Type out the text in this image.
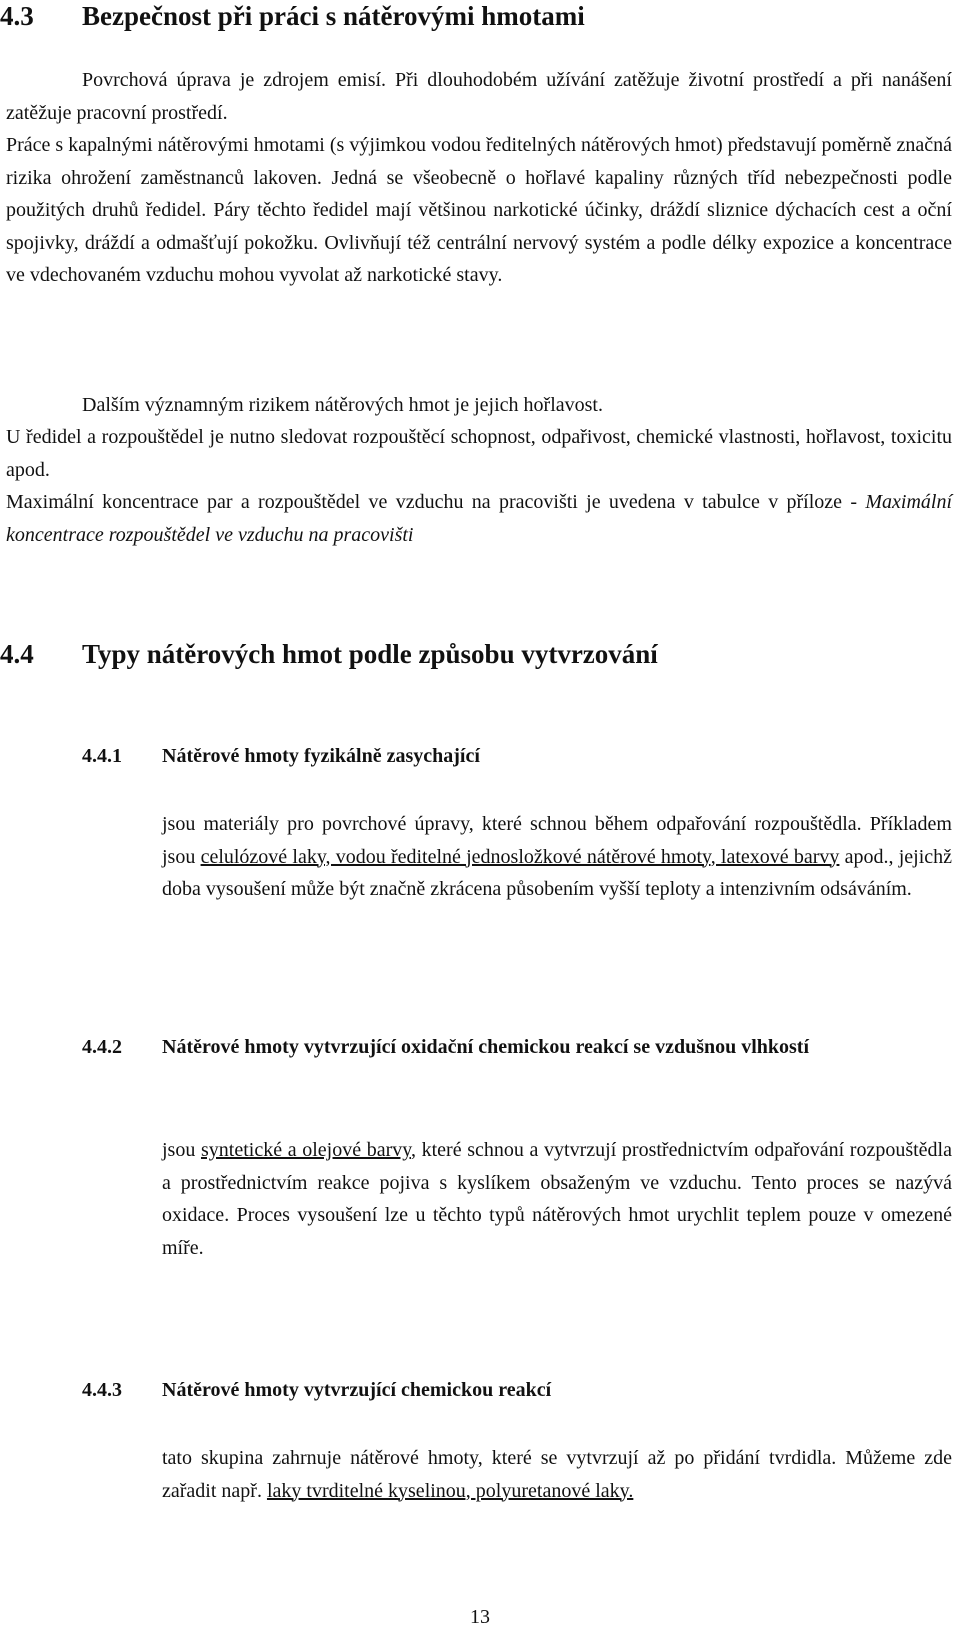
4.3 Bezpečnost při práci s nátěrovými hmotami

Povrchová úprava je zdrojem emisí. Při dlouhodobém užívání zatěžuje životní prostředí a při nanášení zatěžuje pracovní prostředí.

Práce s kapalnými nátěrovými hmotami (s výjimkou vodou ředitelných nátěrových hmot) představují poměrně značná rizika ohrožení zaměstnanců lakoven. Jedná se všeobecně o hořlavé kapaliny různých tříd nebezpečnosti podle použitých druhů ředidel. Páry těchto ředidel mají většinou narkotické účinky, dráždí sliznice dýchacích cest a oční spojivky, dráždí a odmašťují pokožku. Ovlivňují též centrální nervový systém a podle délky expozice a koncentrace ve vdechovaném vzduchu mohou vyvolat až narkotické stavy.

Dalším významným rizikem nátěrových hmot je jejich hořlavost.

U ředidel a rozpouštědel je nutno sledovat rozpouštěcí schopnost, odpařivost, chemické vlastnosti, hořlavost, toxicitu apod.

Maximální koncentrace par a rozpouštědel ve vzduchu na pracovišti je uvedena v tabulce v příloze - Maximální koncentrace rozpouštědel ve vzduchu na pracovišti

4.4 Typy nátěrových hmot podle způsobu vytvrzování
4.4.1 Nátěrové hmoty fyzikálně zasychající

jsou materiály pro povrchové úpravy, které schnou během odpařování rozpouštědla. Příkladem jsou celulózové laky, vodou ředitelné jednosložkové nátěrové hmoty, latexové barvy apod., jejichž doba vysoušení může být značně zkrácena působením vyšší teploty a intenzivním odsáváním.

4.4.2 Nátěrové hmoty vytvrzující oxidační chemickou reakcí se vzdušnou vlhkostí

jsou syntetické a olejové barvy, které schnou a vytvrzují prostřednictvím odpařování rozpouštědla a prostřednictvím reakce pojiva s kyslíkem obsaženým ve vzduchu. Tento proces se nazývá oxidace. Proces vysoušení lze u těchto typů nátěrových hmot urychlit teplem pouze v omezené míře.

4.4.3 Nátěrové hmoty vytvrzující chemickou reakcí

tato skupina zahrnuje nátěrové hmoty, které se vytvrzují až po přidání tvrdidla. Můžeme zde zařadit např. laky tvrditelné kyselinou, polyuretanové laky.

13
